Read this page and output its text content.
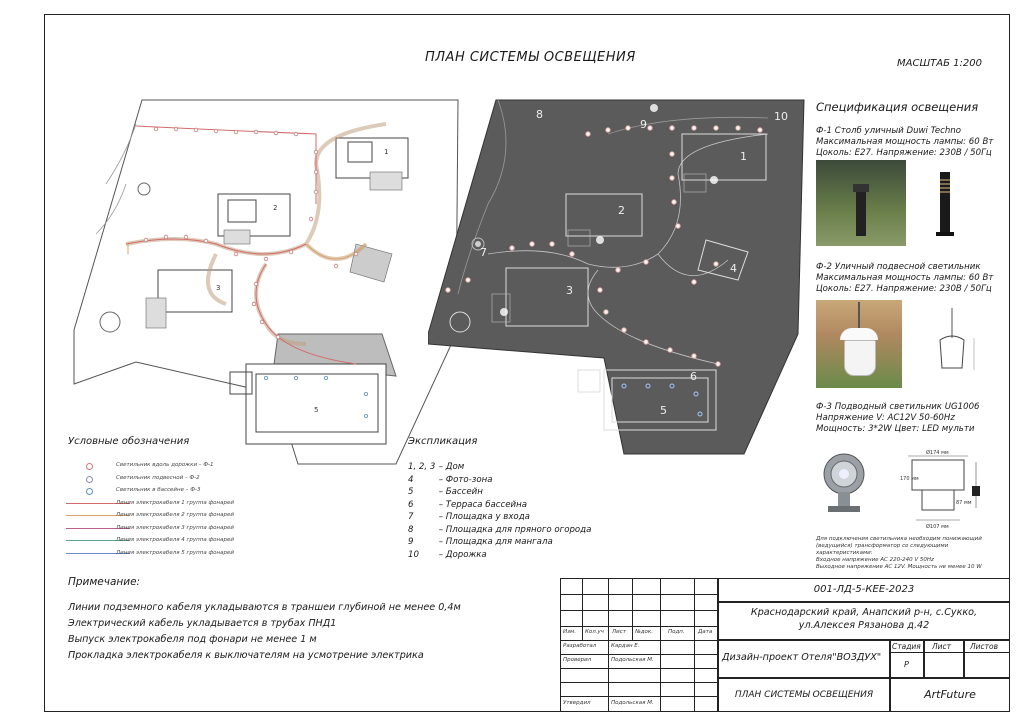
ПЛАН СИСТЕМЫ ОСВЕЩЕНИЯ	МАСШТАБ 1:200
2
1
3
5
1
2
3
4
5
6
7
8
9
10
Спецификация освещения
Ф-1 Столб уличный Duwi Techno
Максимальная мощность лампы: 60 Вт
Цоколь: E27. Напряжение: 230В / 50Гц
Ф-2 Уличный подвесной светильник
Максимальная мощность лампы: 60 Вт
Цоколь: E27. Напряжение: 230В / 50Гц
Ф-3 Подводный светильник UG1006
Напряжение V: AC12V 50-60Hz
Мощность: 3*2W Цвет: LED мульти
Ø174 мм
170 мм
87 мм
Ø107 мм
Для подключения светильника необходим понижающий
(ведущийся) трансформатор со следующими
характеристиками:
Входное напряжение AC 220-240 V 50Hz
Выходное напряжение AC 12V. Мощность не менее 10 W
Условные обозначения
Светильник вдоль дорожки – Ф-1
Светильник подвесной – Ф-2
Светильник в бассейне – Ф-3
Линия электрокабеля 1 группа фонарей
Линия электрокабеля 2 группа фонарей
Линия электрокабеля 3 группа фонарей
Линия электрокабеля 4 группа фонарей
Линия электрокабеля 5 группа фонарей
Экспликация
1, 2, 3 – Дом
4	– Фото-зона
5	– Бассейн
6	– Терраса бассейна
7	– Площадка у входа
8	– Площадка для пряного огорода
9	– Площадка для мангала
10 – Дорожка
Примечание:
Линии подземного кабеля укладываются в траншеи глубиной не менее 0,4м
Электрический кабель укладывается в трубах ПНД1
Выпуск электрокабеля под фонари не менее 1 м
Прокладка электрокабеля к выключателям на усмотрение электрика
Изм. Кол.уч Лист №док.	Подп. Дата
Разработал	Кардан Е.
Проверил	Подольская М.
Утвердил	Подольская М.
001-ЛД-5-КЕЕ-2023
Краснодарский край, Анапский р-н, с.Сукко,
ул.Алексея Рязанова д.42
Дизайн-проект Отеля"ВОЗДУХ"
Стадия Лист	Листов
Р
ПЛАН СИСТЕМЫ ОСВЕЩЕНИЯ	ArtFuture
